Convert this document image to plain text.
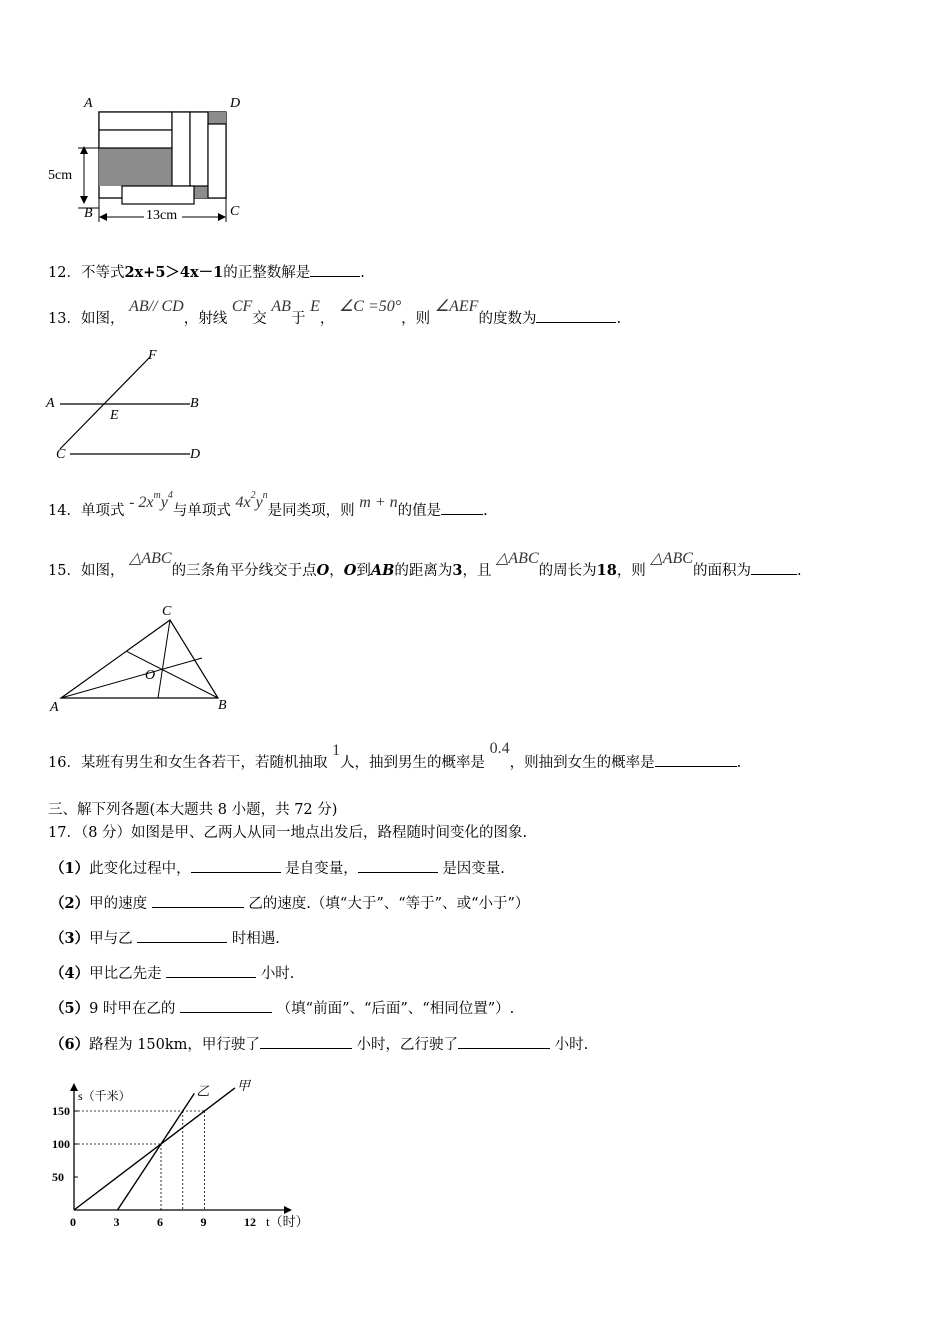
A	D
B	C
5cm
13cm
12．不等式2x+5＞4x－1的正整数解是	.
13．如图， AB// CD，射线 CF交 AB于 E， ∠C =50°，则 ∠AEF的度数为	.
F
A
E
B
C	D
14．单项式 - $2x^my^4$与单项式 $4x^2y^n$是同类项，则 m + n的值是	.
15．如图， △ABC的三条角平分线交于点O，O到AB的距离为3，且 △ABC的周长为18，则 △ABC的面积为	.
C
O
A	B
16．某班有男生和女生各若干，若随机抽取 1人，抽到男生的概率是 0.4，则抽到女生的概率是	.
三、解下列各题(本大题共 8 小题，共 72 分)
17．（8 分）如图是甲、乙两人从同一地点出发后，路程随时间变化的图象.
（1）此变化过程中，	是自变量，	是因变量.
（2）甲的速度	乙的速度.（填“大于”、“等于”、或“小于”）
（3）甲与乙	时相遇.
（4）甲比乙先走	小时.
（5）9 时甲在乙的	（填“前面”、“后面”、“相同位置”）.
（6）路程为 150km，甲行驶了	小时，乙行驶了	小时.
0	3	6	9	12
50
100
150
t（时）
s（千米）
甲
乙
